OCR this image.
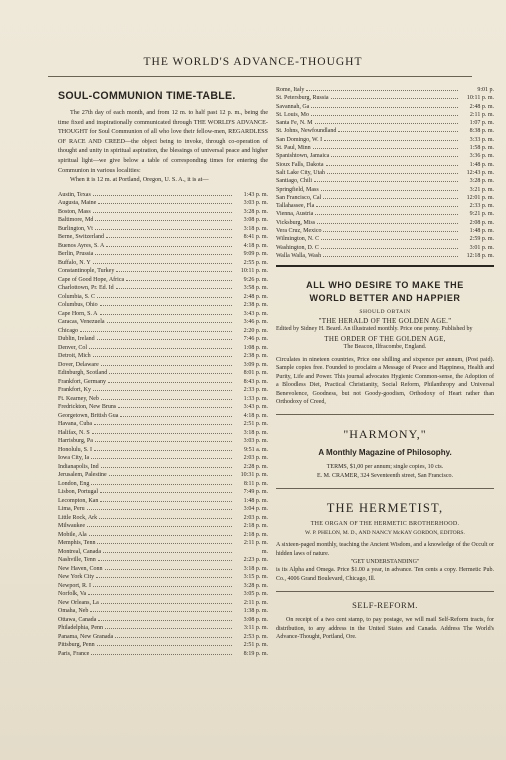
THE WORLD'S ADVANCE-THOUGHT
SOUL-COMMUNION TIME-TABLE.

The 27th day of each month, and from 12 m. to half past 12 p. m., being the time fixed and inspirationally communicated through THE WORLD'S ADVANCE-THOUGHT for Soul Communion of all who love their fellow-men, REGARDLESS OF RACE AND CREED—the object being to invoke, through co-operation of thought and unity in spiritual aspiration, the blessings of universal peace and higher spiritual light—we give below a table of corresponding times for entering the Communion in various localities:

When it is 12 m. at Portland, Oregon, U. S. A., it is at—

Austin, Texas	1:43 p. m.
Augusta, Maine	3:03 p. m.
Boston, Mass	3:28 p. m.
Baltimore, Md	3:08 p. m.
Burlington, Vt	3:18 p. m.
Berne, Switzerland	8:41 p. m.
Buenos Ayres, S. A	4:18 p. m.
Berlin, Prussia	9:09 p. m.
Buffalo, N. Y	2:55 p. m.
Constantinople, Turkey	10:11 p. m.
Cape of Good Hope, Africa	9:26 p. m.
Charlottown, Pr. Ed. Id	3:58 p. m.
Columbia, S. C	2:48 p. m.
Columbus, Ohio	2:38 p. m.
Cape Horn, S. A	3:43 p. m.
Caracas, Venezuela	3:46 p. m.
Chicago	2:20 p. m.
Dublin, Ireland	7:46 p. m.
Denver, Col	1:08 p. m.
Detroit, Mich	2:38 p. m.
Dover, Delaware	3:09 p. m.
Edinburgh, Scotland	8:01 p. m.
Frankfort, Germany	8:43 p. m.
Frankfort, Ky	2:33 p. m.
Ft. Kearney, Neb	1:33 p. m.
Fredrickton, New Bruns	3:43 p. m.
Georgetown, British Gua	4:18 p. m.
Havana, Cuba	2:51 p. m.
Halifax, N. S	3:18 p. m.
Harrisburg, Pa	3:03 p. m.
Honolulu, S. I	9:51 a. m.
Iowa City, Ia	2:03 p. m.
Indianapolis, Ind	2:28 p. m.
Jerusalem, Palestine	10:31 p. m.
London, Eng	8:11 p. m.
Lisbon, Portugal	7:49 p. m.
Lecompton, Kan	1:48 p. m.
Lima, Peru	3:04 p. m.
Little Rock, Ark	2:03 p. m.
Milwaukee	2:18 p. m.
Mobile, Ala	2:18 p. m.
Memphis, Tenn	2:11 p. m.
Montreal, Canada	m.
Nashville, Tenn	2:23 p. m.
New Haven, Conn	3:18 p. m.
New York City	3:15 p. m.
Newport, R. I	3:28 p. m.
Norfolk, Va	3:05 p. m.
New Orleans, La	2:11 p. m.
Omaha, Neb	1:38 p. m.
Ottawa, Canada	3:08 p. m.
Philadelphia, Penn	3:11 p. m.
Panama, New Granada	2:53 p. m.
Pittsburg, Penn	2:51 p. m.
Paris, France	8:19 p. m.
Rome, Italy	9:01 p.
St. Petersburg, Russia	10:11 p. m.
Savannah, Ga	2:48 p. m.
St. Louis, Mo	2:11 p. m.
Santa Fe, N. M	1:07 p. m.
St. Johns, Newfoundland	8:38 p. m.
San Domingo, W. I	3:33 p. m.
St. Paul, Minn	1:58 p. m.
Spanishtown, Jamaica	3:36 p. m.
Sioux Falls, Dakota	1:48 p. m.
Salt Lake City, Utah	12:43 p. m.
Santiago, Chili	3:28 p. m.
Springfield, Mass	3:21 p. m.
San Francisco, Cal	12:01 p. m.
Tallahassee, Fla	2:33 p. m.
Vienna, Austria	9:21 p. m.
Vicksburg, Miss	2:08 p. m.
Vera Cruz, Mexico	1:48 p. m.
Wilmington, N. C	2:59 p. m.
Washington, D. C	3:01 p. m.
Walla Walla, Wash	12:18 p. m.
ALL WHO DESIRE TO MAKE THE
WORLD BETTER AND HAPPIER
SHOULD OBTAIN
"THE HERALD OF THE GOLDEN AGE."
Edited by Sidney H. Beard. An illustrated monthly. Price one penny. Published by
THE ORDER OF THE GOLDEN AGE,
The Beacon, Ilfracombe, England.
Circulates in nineteen countries, Price one shilling and sixpence per annum, (Post paid). Sample copies free. Founded to proclaim a Message of Peace and Happiness, Health and Purity, Life and Power. This journal advocates Hygienic Common-sense, the Adoption of a Bloodless Diet, Practical Christianity, Social Reform, Philanthropy and Universal Benevolence, Goodness, but not Goody-goodism, Orthodoxy of Heart rather than Orthodoxy of Creed,
"HARMONY,"
A Monthly Magazine of Philosophy.
TERMS, $1,00 per annum; single copies, 10 cts.
E. M. CRAMER, 324 Seventeenth street, San Francisco.
THE HERMETIST,
THE ORGAN OF THE HERMETIC BROTHERHOOD.
W. P. PHELON, M. D., AND NANCY McKAY GORDON, EDITORS.
A sixteen-paged monthly, teaching the Ancient Wisdom, and a knowledge of the Occult or hidden laws of nature.
"GET UNDERSTANDING"
is its Alpha and Omega. Price $1.00 a year, in advance. Ten cents a copy. Hermetic Pub. Co., 4006 Grand Boulevard, Chicago, Ill.
SELF-REFORM.
On receipt of a two cent stamp, to pay postage, we will mail Self-Reform tracts, for distribution, to any address in the United States and Canada. Address The World's Advance-Thought, Portland, Ore.
